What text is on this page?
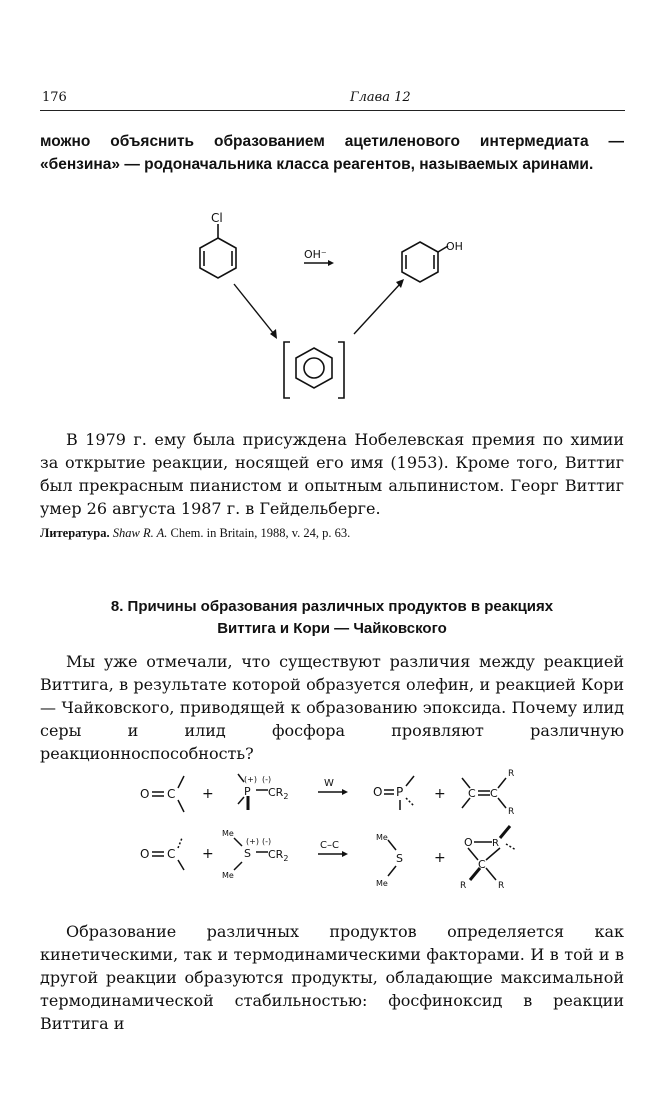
176	Глава 12
можно объяснить образованием ацетиленового интермедиата — «бензина» — родоначальника класса реагентов, называемых аринами.
Cl
OH⁻
OH
В 1979 г. ему была присуждена Нобелевская премия по химии за открытие реакции, носящей его имя (1953). Кроме того, Виттиг был прекрасным пианистом и опытным альпинистом. Георг Виттиг умер 26 августа 1987 г. в Гейдельберге.
Литература. Shaw R. A. Chem. in Britain, 1988, v. 24, p. 63.
8. Причины образования различных продуктов в реакциях
Виттига и Кори — Чайковского
Мы уже отмечали, что существуют различия между реакцией Виттига, в результате которой образуется олефин, и реакцией Кори — Чайковского, приводящей к образованию эпоксида. Почему илид серы и илид фосфора проявляют различную реакционноспособность?
O C +	P
(+) (-)
$CR_2$
W
O P + C C
R
R
O C +
Me
S
(+) (-)
$CR_2$
Me
C–C
Me
S
Me
+
O R
C
R	R
Образование различных продуктов определяется как кинетическими, так и термодинамическими факторами. И в той и в другой реакции образуются продукты, обладающие максимальной термодинамической стабильностью: фосфиноксид в реакции Виттига и
